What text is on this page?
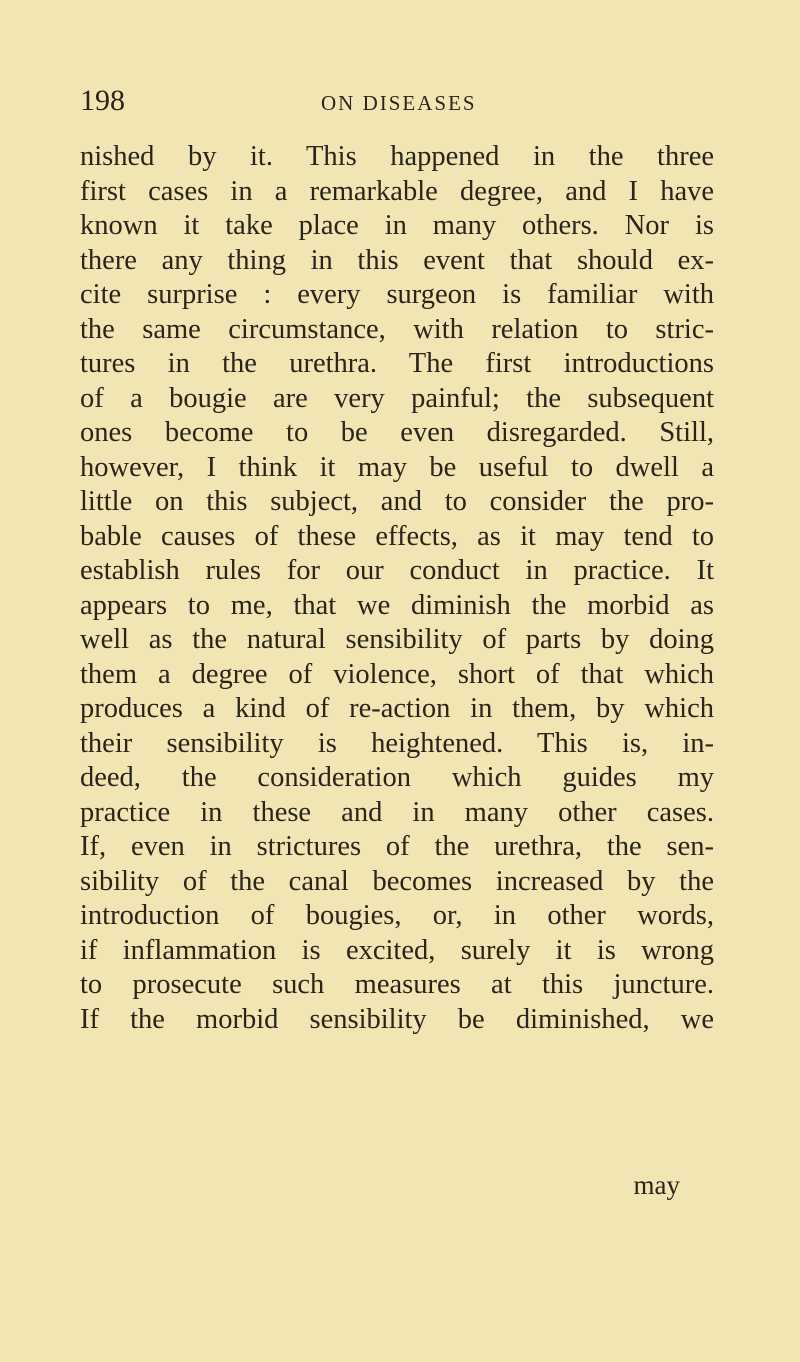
198	ON DISEASES
nished by it. This happened in the three
first cases in a remarkable degree, and I have
known it take place in many others. Nor is
there any thing in this event that should ex-
cite surprise : every surgeon is familiar with
the same circumstance, with relation to stric-
tures in the urethra. The first introductions
of a bougie are very painful; the subsequent
ones become to be even disregarded. Still,
however, I think it may be useful to dwell a
little on this subject, and to consider the pro-
bable causes of these effects, as it may tend to
establish rules for our conduct in practice. It
appears to me, that we diminish the morbid as
well as the natural sensibility of parts by doing
them a degree of violence, short of that which
produces a kind of re-action in them, by which
their sensibility is heightened. This is, in-
deed, the consideration which guides my
practice in these and in many other cases.
If, even in strictures of the urethra, the sen-
sibility of the canal becomes increased by the
introduction of bougies, or, in other words,
if inflammation is excited, surely it is wrong
to prosecute such measures at this juncture.
If the morbid sensibility be diminished, we
may
